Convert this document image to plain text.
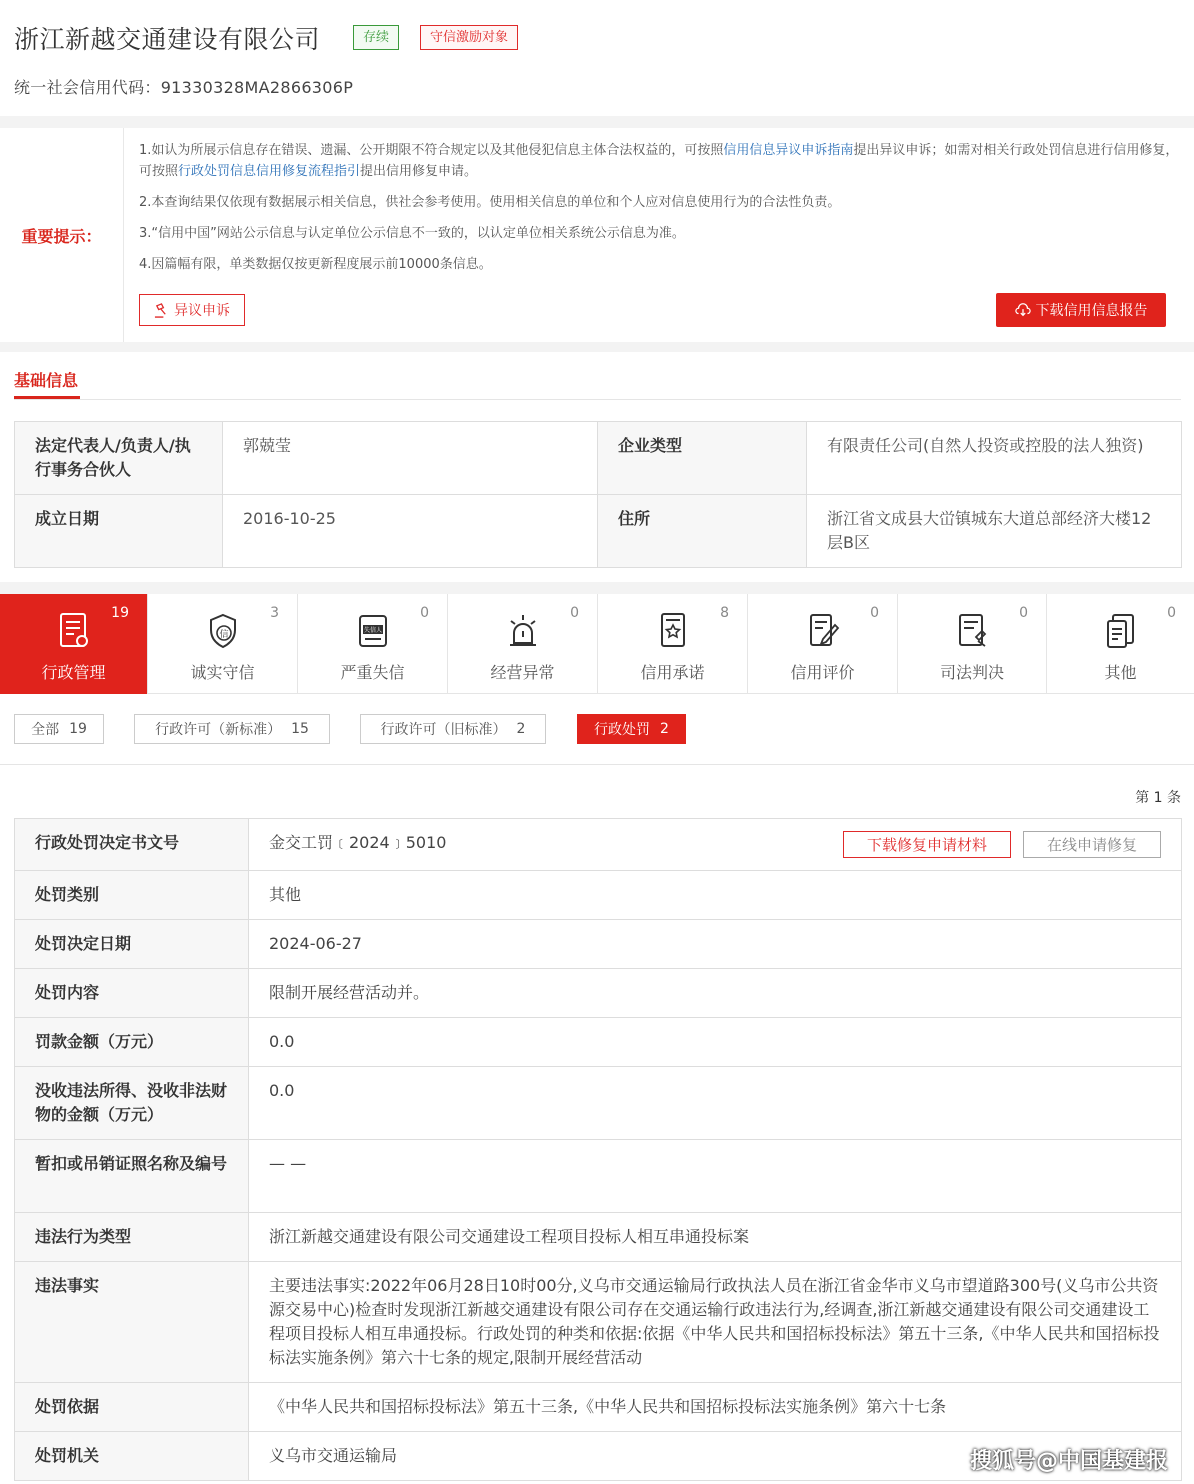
浙江新越交通建设有限公司	存续	守信激励对象
统一社会信用代码：91330328MA2866306P
重要提示：

1.如认为所展示信息存在错误、遗漏、公开期限不符合规定以及其他侵犯信息主体合法权益的，可按照信用信息异议申诉指南提出异议申诉；如需对相关行政处罚信息进行信用修复，可按照行政处罚信息信用修复流程指引提出信用修复申请。

2.本查询结果仅依现有数据展示相关信息，供社会参考使用。使用相关信息的单位和个人应对信息使用行为的合法性负责。

3.“信用中国”网站公示信息与认定单位公示信息不一致的，以认定单位相关系统公示信息为准。

4.因篇幅有限，单类数据仅按更新程度展示前10000条信息。

异议申诉	下载信用信息报告
基础信息
法定代表人/负责人/执行事务合伙人	郭兢莹	企业类型	有限责任公司(自然人投资或控股的法人独资)
成立日期	2016-10-25	住所	浙江省文成县大峃镇城东大道总部经济大楼12层B区
19
行政管理
信
3
诚实守信
失信人
0
严重失信
0
经营异常
8
信用承诺
0
信用评价
0
司法判决
0
其他
全部 19	行政许可（新标准） 15	行政许可（旧标准） 2	行政处罚 2
第 1 条
行政处罚决定书文号	金交工罚﹝2024﹞5010 下载修复申请材料 在线申请修复

处罚类别	其他
处罚决定日期	2024-06-27
处罚内容	限制开展经营活动并。
罚款金额（万元）	0.0
没收违法所得、没收非法财物的金额（万元）	0.0
暂扣或吊销证照名称及编号	— —
违法行为类型	浙江新越交通建设有限公司交通建设工程项目投标人相互串通投标案
违法事实	主要违法事实:2022年06月28日10时00分,义乌市交通运输局行政执法人员在浙江省金华市义乌市望道路300号(义乌市公共资源交易中心)检查时发现浙江新越交通建设有限公司存在交通运输行政违法行为,经调查,浙江新越交通建设有限公司交通建设工程项目投标人相互串通投标。行政处罚的种类和依据:依据《中华人民共和国招标投标法》第五十三条,《中华人民共和国招标投标法实施条例》第六十七条的规定,限制开展经营活动
处罚依据	《中华人民共和国招标投标法》第五十三条,《中华人民共和国招标投标法实施条例》第六十七条
处罚机关	义乌市交通运输局	搜狐号@中国基建报
